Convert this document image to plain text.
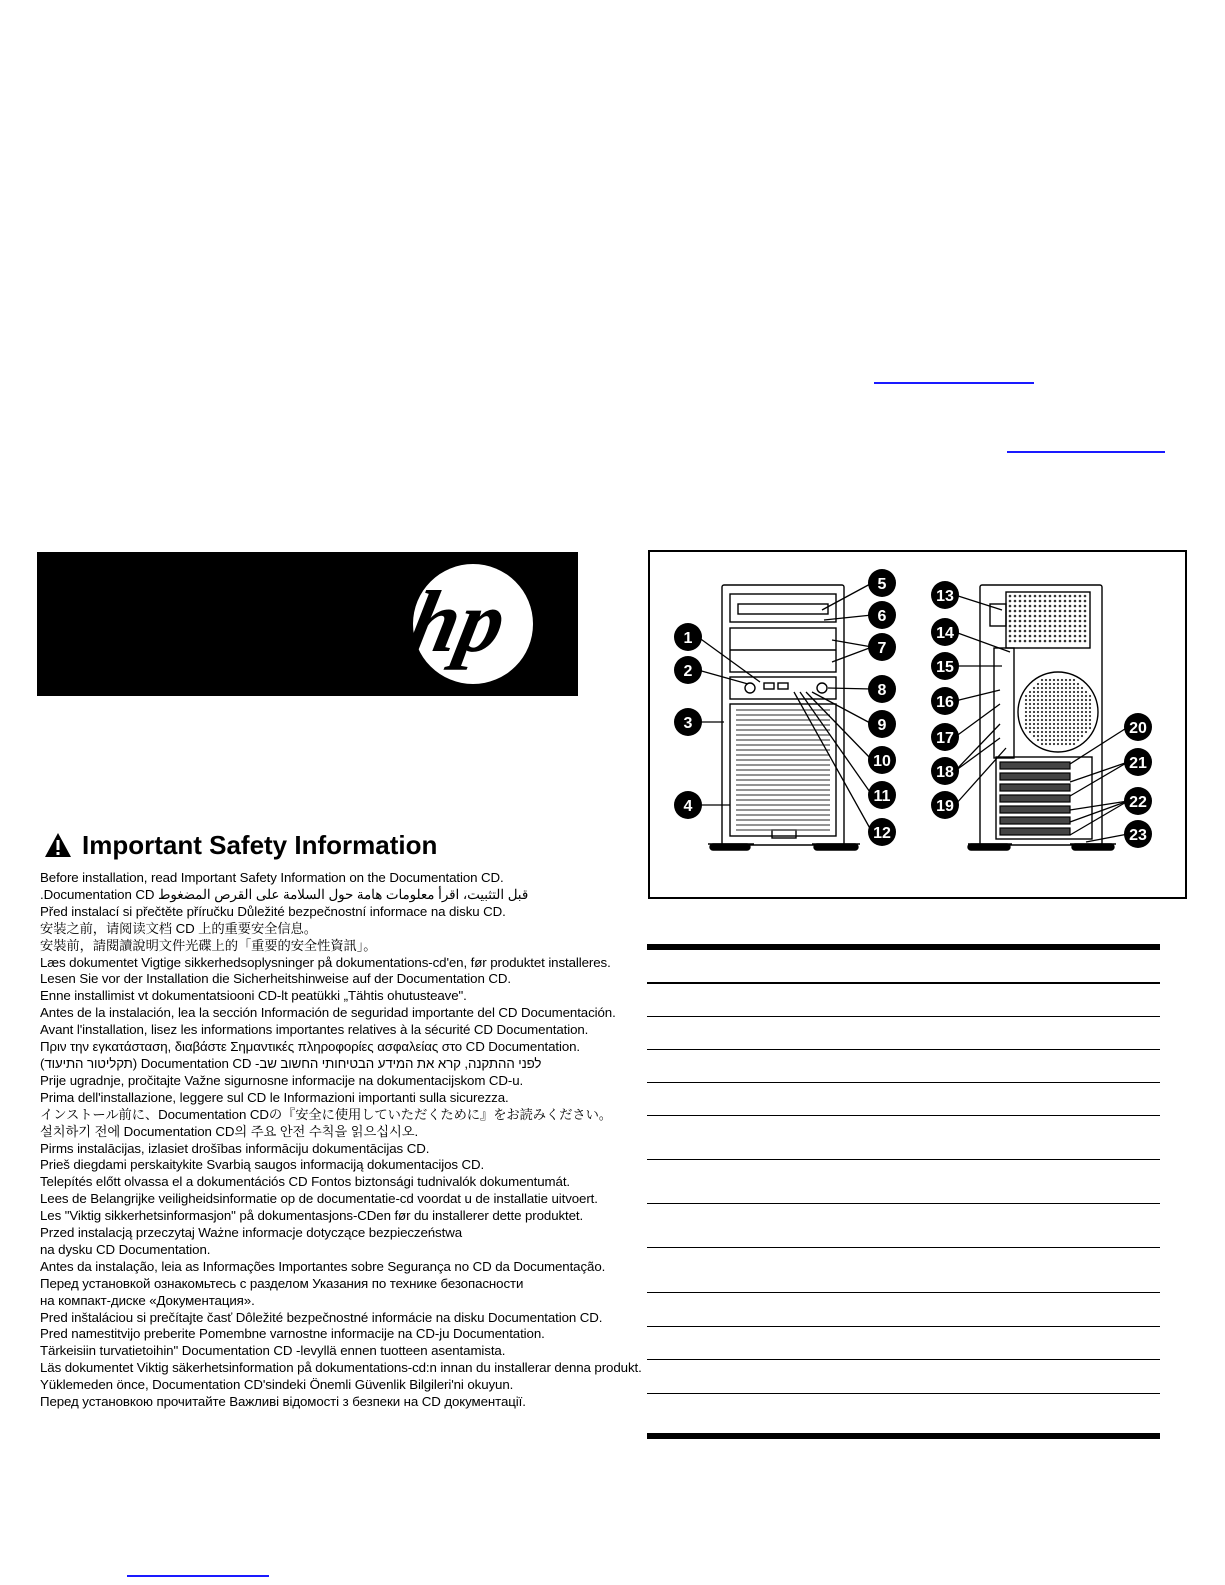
hp
Important Safety Information
Before installation, read Important Safety Information on the Documentation CD.
قبل التثبيت، اقرأ معلومات هامة حول السلامة على القرص المضغوط Documentation CD.
Před instalací si přečtěte příručku Důležité bezpečnostní informace na disku CD.
安装之前，请阅读文档 CD 上的重要安全信息。
安裝前，請閱讀說明文件光碟上的「重要的安全性資訊」。
Læs dokumentet Vigtige sikkerhedsoplysninger på dokumentations-cd'en, før produktet installeres.
Lesen Sie vor der Installation die Sicherheitshinweise auf der Documentation CD.
Enne installimist vt dokumentatsiooni CD-lt peatükki „Tähtis ohutusteave".
Antes de la instalación, lea la sección Información de seguridad importante del CD Documentación.
Avant l'installation, lisez les informations importantes relatives à la sécurité CD Documentation.
Πριν την εγκατάσταση, διαβάστε Σημαντικές πληροφορίες ασφαλείας στο CD Documentation.
לפני ההתקנה, קרא את המידע הבטיחותי החשוב שב- Documentation CD (תקליטור התיעוד)
Prije ugradnje, pročitajte Važne sigurnosne informacije na dokumentacijskom CD-u.
Prima dell'installazione, leggere sul CD le Informazioni importanti sulla sicurezza.
インストール前に、Documentation CDの『安全に使用していただくために』をお読みください。
설치하기 전에 Documentation CD의 주요 안전 수칙을 읽으십시오.
Pirms instalācijas, izlasiet drošības informāciju dokumentācijas CD.
Prieš diegdami perskaitykite Svarbią saugos informaciją dokumentacijos CD.
Telepítés előtt olvassa el a dokumentációs CD Fontos biztonsági tudnivalók dokumentumát.
Lees de Belangrijke veiligheidsinformatie op de documentatie-cd voordat u de installatie uitvoert.
Les "Viktig sikkerhetsinformasjon" på dokumentasjons-CDen før du installerer dette produktet.
Przed instalacją przeczytaj Ważne informacje dotyczące bezpieczeństwa
na dysku CD Documentation.
Antes da instalação, leia as Informações Importantes sobre Segurança no CD da Documentação.
Перед установкой ознакомьтесь с разделом Указания по технике безопасности
на компакт-диске «Документация».
Pred inštaláciou si prečítajte časť Dôležité bezpečnostné informácie na disku Documentation CD.
Pred namestitvijo preberite Pomembne varnostne informacije na CD-ju Documentation.
Tärkeisiin turvatietoihin" Documentation CD -levyllä ennen tuotteen asentamista.
Läs dokumentet Viktig säkerhetsinformation på dokumentations-cd:n innan du installerar denna produkt.
Yüklemeden önce, Documentation CD'sindeki Önemli Güvenlik Bilgileri'ni okuyun.
Перед установкою прочитайте Важливі відомості з безпеки на CD документації.
1
2
3
4
5
6
7
8
9
10
11
12
13
14
15
16
17
18
19
20
21
22
23
